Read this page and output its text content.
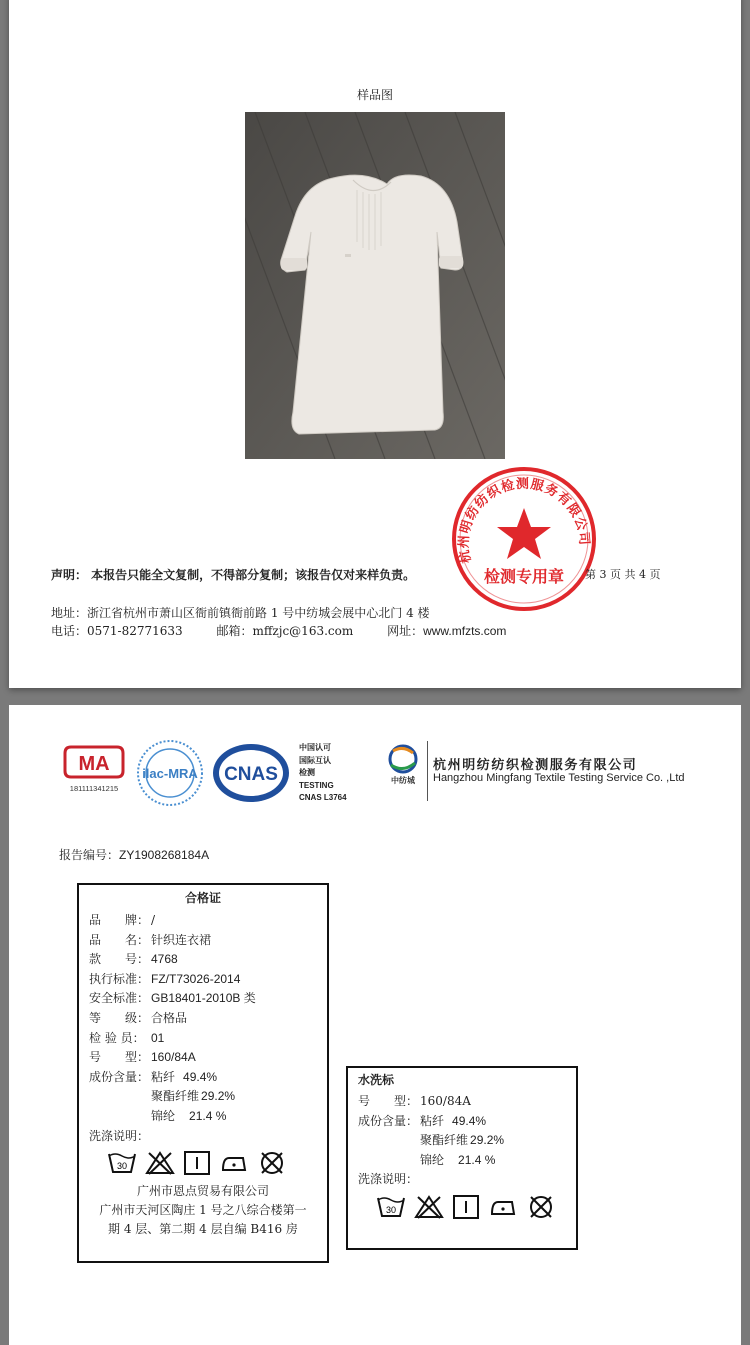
样品图
杭州明纺纺织检测服务有限公司
检测专用章
声明： 本报告只能全文复制，不得部分复制；该报告仅对来样负责。	第 3 页 共 4 页
地址：浙江省杭州市萧山区衙前镇衙前路 1 号中纺城会展中心北门 4 楼
电话：0571-82771633	邮箱：mffzjc@163.com	网址：www.mfzts.com
MA
181111341215
ilac-MRA CNAS
中国认可
国际互认
检测
TESTING
CNAS L3764
中纺城
杭州明纺纺织检测服务有限公司
Hangzhou Mingfang Textile Testing Service Co. ,Ltd
报告编号：ZY1908268184A
合格证
品　　牌： /
品　　名： 针织连衣裙
款　　号： 4768
执行标准： FZ/T73026-2014
安全标准： GB18401-2010B 类
等　　级： 合格品
检 验 员： 01
号　　型： 160/84A
成份含量： 粘纤 49.4%
聚酯纤维 29.2%
锦纶 21.4 %
洗涤说明：
30
广州市恩点贸易有限公司
广州市天河区陶庄 1 号之八综合楼第一
期 4 层、第二期 4 层自编 B416 房
水洗标
号　　型： 160/84A
成份含量： 粘纤 49.4%
聚酯纤维 29.2%
锦纶 21.4 %
洗涤说明：
30
